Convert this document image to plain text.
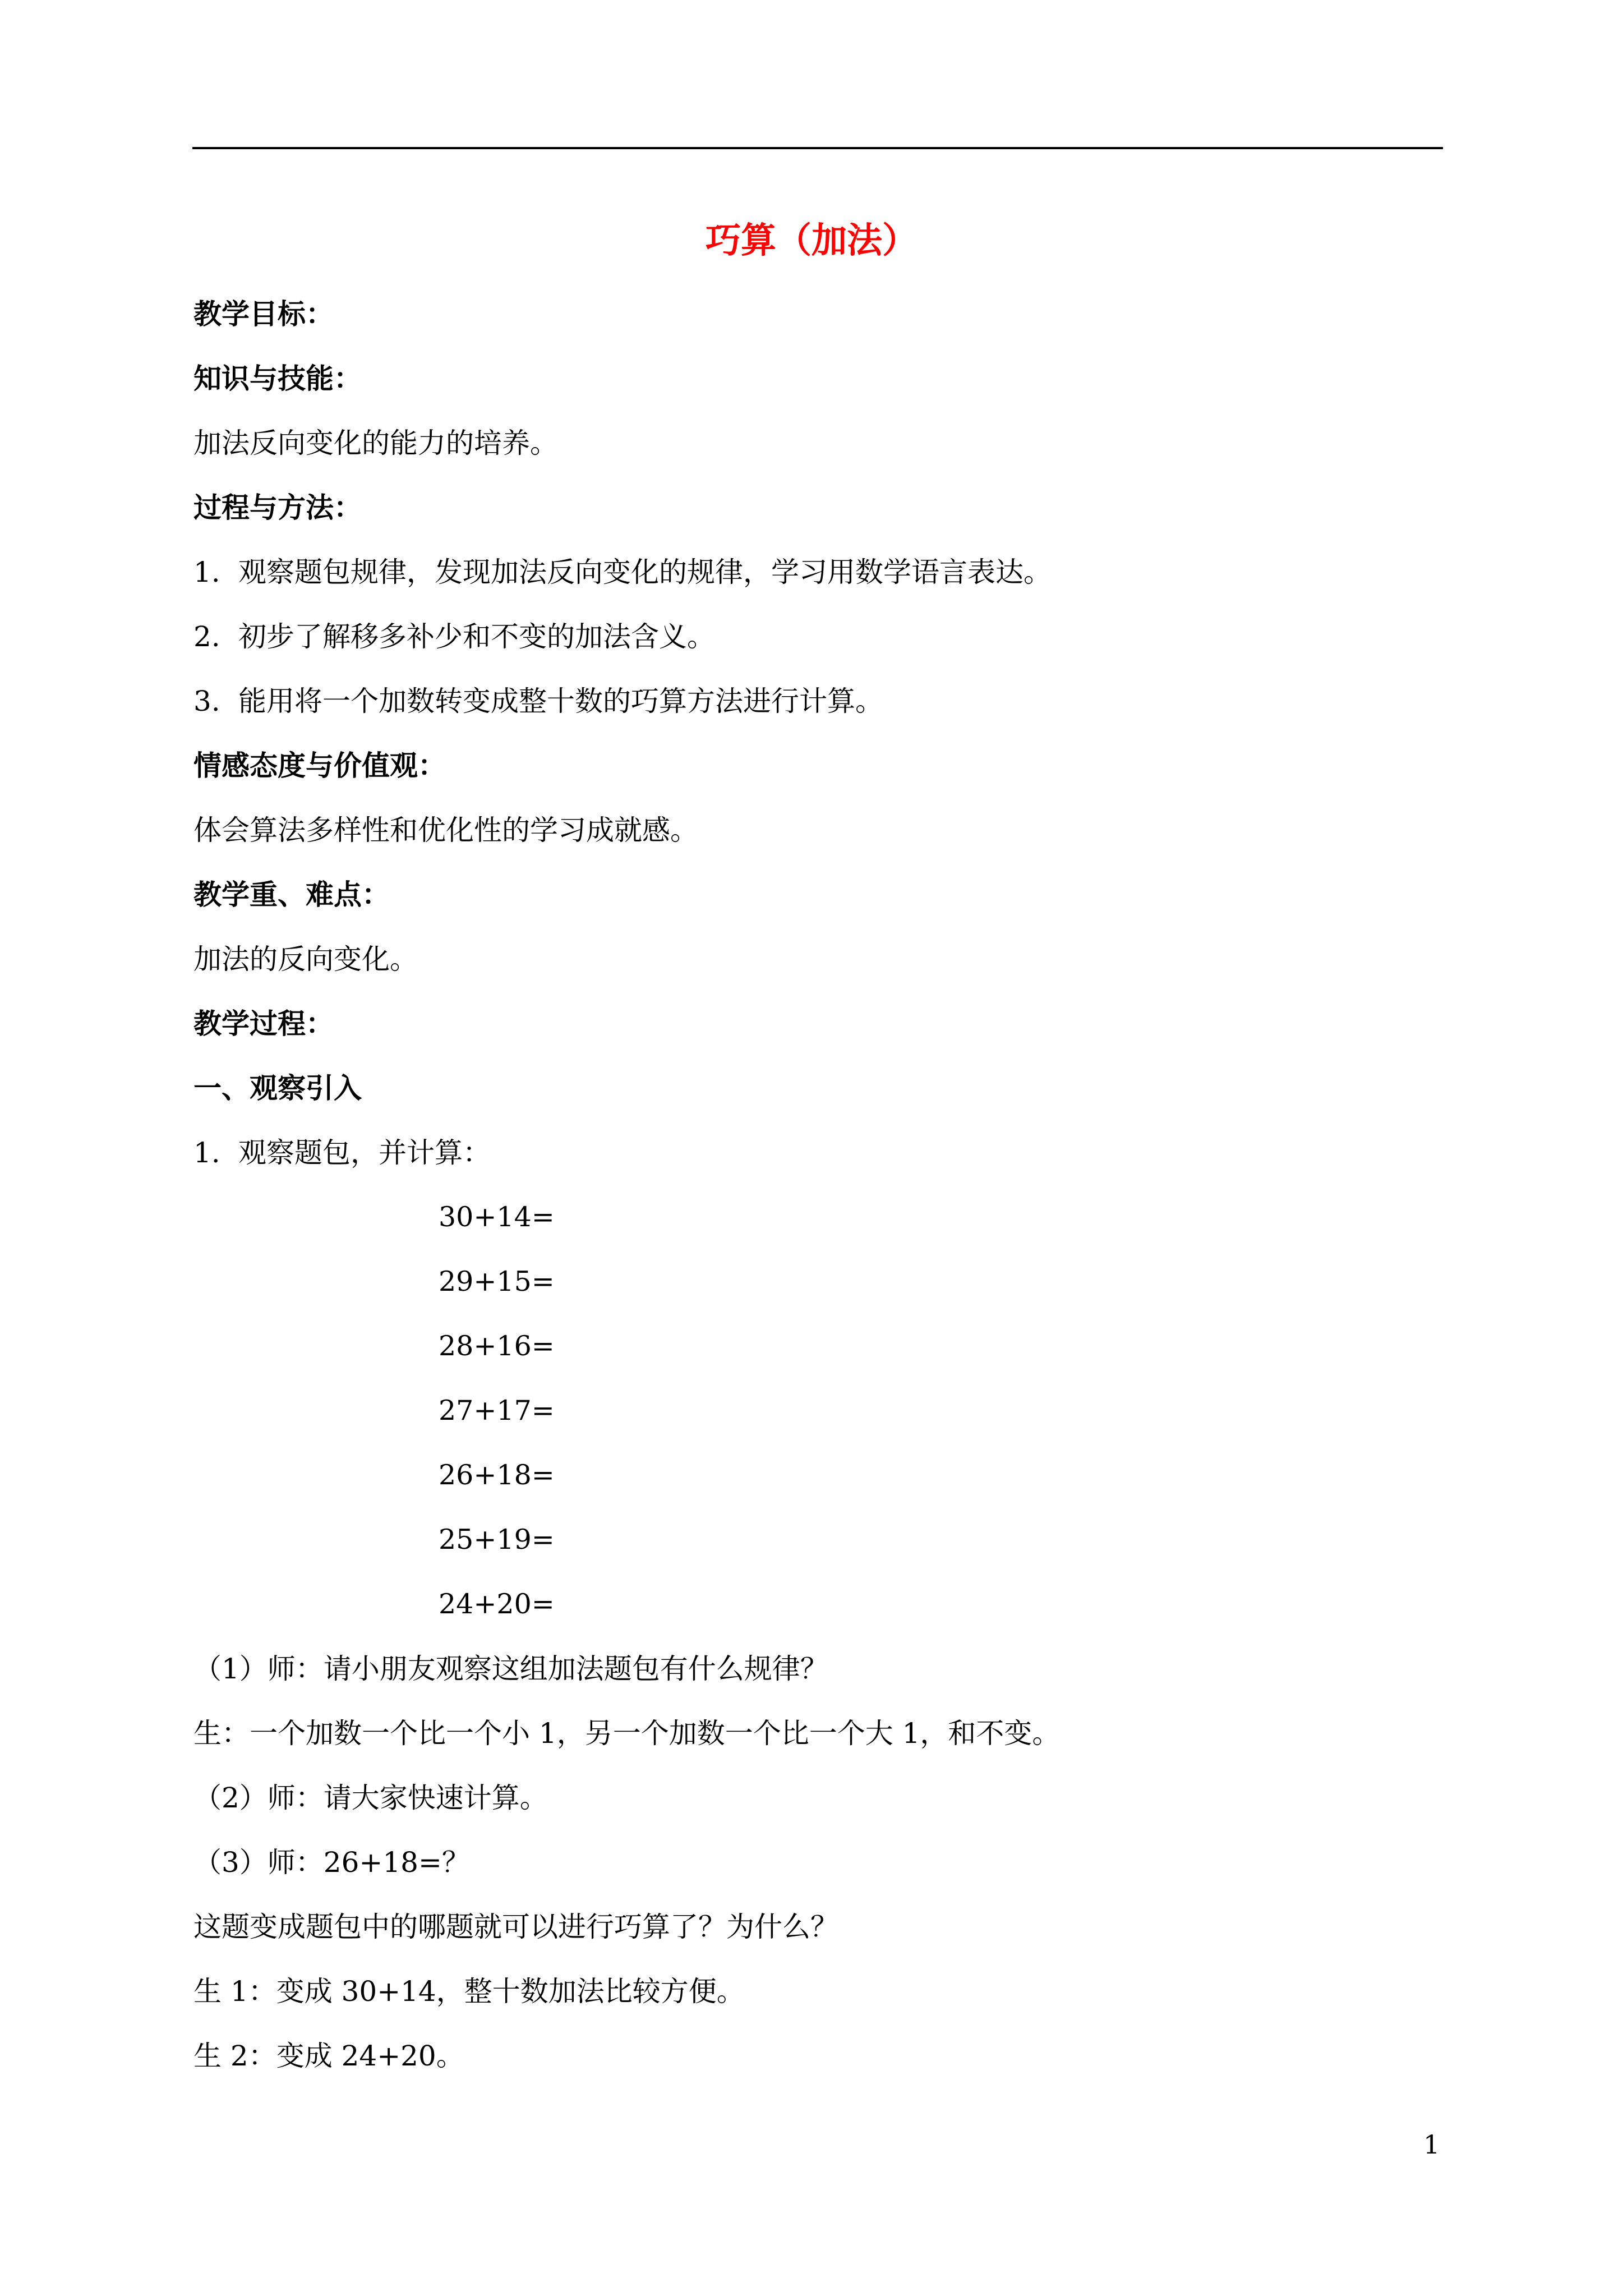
巧算（加法）
教学目标：
知识与技能：
加法反向变化的能力的培养。
过程与方法：
1. 观察题包规律，发现加法反向变化的规律，学习用数学语言表达。
2. 初步了解移多补少和不变的加法含义。
3. 能用将一个加数转变成整十数的巧算方法进行计算。
情感态度与价值观：
体会算法多样性和优化性的学习成就感。
教学重、难点：
加法的反向变化。
教学过程：
一、观察引入
1. 观察题包，并计算：
30+14=
29+15=
28+16=
27+17=
26+18=
25+19=
24+20=
（1）师：请小朋友观察这组加法题包有什么规律？
生：一个加数一个比一个小 1，另一个加数一个比一个大 1，和不变。
（2）师：请大家快速计算。
（3）师：26+18=？
这题变成题包中的哪题就可以进行巧算了？为什么？
生 1：变成 30+14，整十数加法比较方便。
生 2：变成 24+20。
1
